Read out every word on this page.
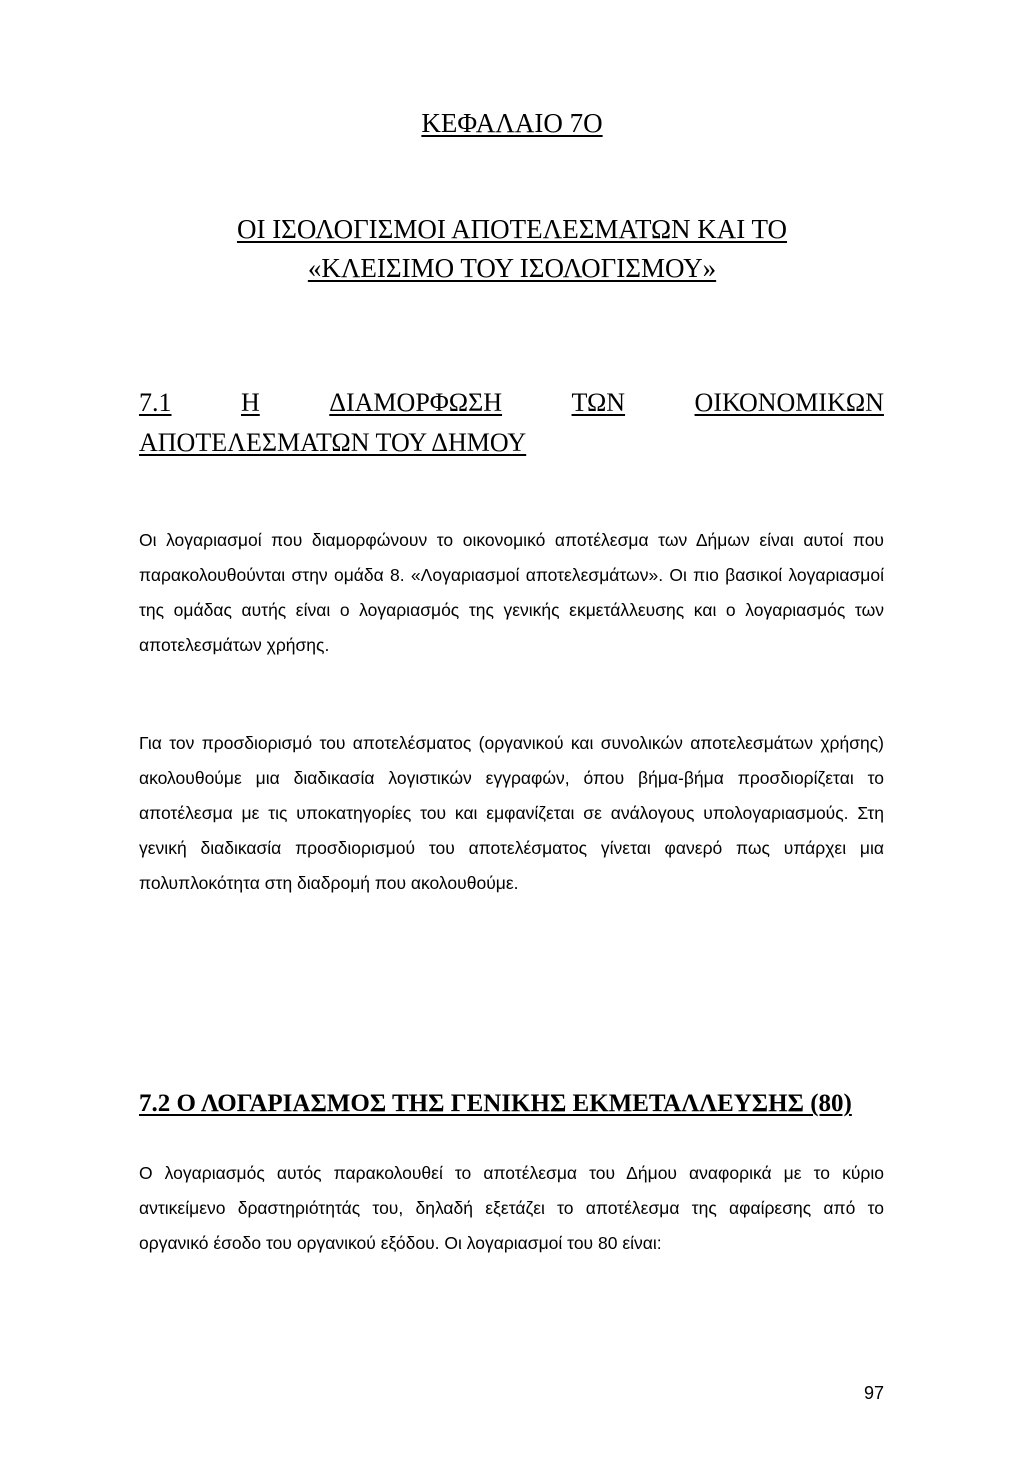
ΚΕΦΑΛΑΙΟ 7Ο
ΟΙ ΙΣΟΛΟΓΙΣΜΟΙ ΑΠΟΤΕΛΕΣΜΑΤΩΝ ΚΑΙ ΤΟ
«ΚΛΕΙΣΙΜΟ ΤΟΥ ΙΣΟΛΟΓΙΣΜΟΥ»
7.1	Η	ΔΙΑΜΟΡΦΩΣΗ	ΤΩΝ	ΟΙΚΟΝΟΜΙΚΩΝ
ΑΠΟΤΕΛΕΣΜΑΤΩΝ ΤΟΥ ΔΗΜΟΥ

Οι λογαριασμοί που διαμορφώνουν το οικονομικό αποτέλεσμα των Δήμων είναι αυτοί που παρακολουθούνται στην ομάδα 8. «Λογαριασμοί αποτελεσμάτων». Οι πιο βασικοί λογαριασμοί της ομάδας αυτής είναι ο λογαριασμός της γενικής εκμετάλλευσης και ο λογαριασμός των αποτελεσμάτων χρήσης.

Για τον προσδιορισμό του αποτελέσματος (οργανικού και συνολικών αποτελεσμάτων χρήσης) ακολουθούμε μια διαδικασία λογιστικών εγγραφών, όπου βήμα-βήμα προσδιορίζεται το αποτέλεσμα με τις υποκατηγορίες του και εμφανίζεται σε ανάλογους υπολογαριασμούς. Στη γενική διαδικασία προσδιορισμού του αποτελέσματος γίνεται φανερό πως υπάρχει μια πολυπλοκότητα στη διαδρομή που ακολουθούμε.

7.2 Ο ΛΟΓΑΡΙΑΣΜΟΣ ΤΗΣ ΓΕΝΙΚΗΣ ΕΚΜΕΤΑΛΛΕΥΣΗΣ (80)

Ο λογαριασμός αυτός παρακολουθεί το αποτέλεσμα του Δήμου αναφορικά με το κύριο αντικείμενο δραστηριότητάς του, δηλαδή εξετάζει το αποτέλεσμα της αφαίρεσης από το οργανικό έσοδο του οργανικού εξόδου. Οι λογαριασμοί του 80 είναι:

97
